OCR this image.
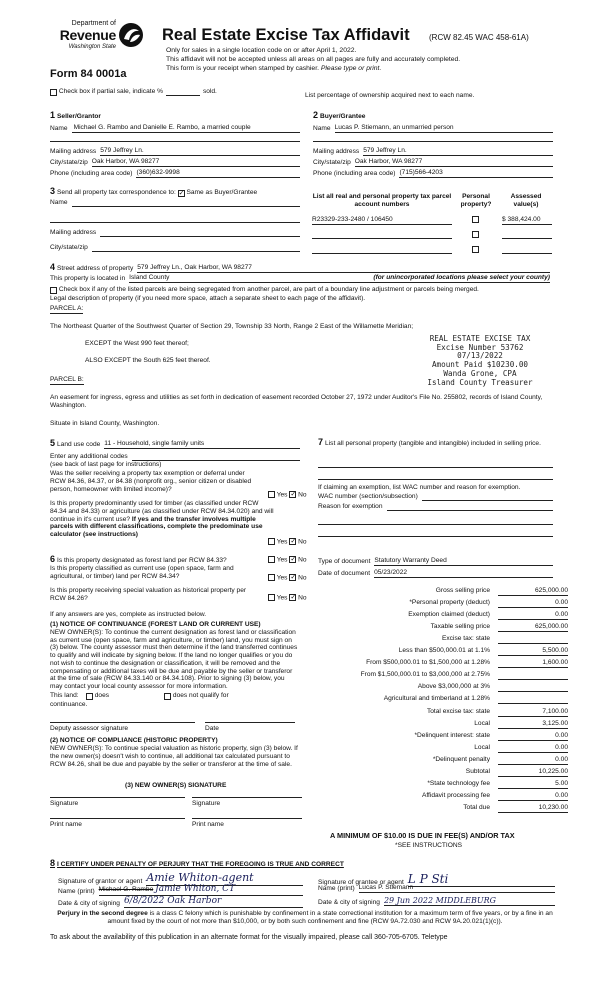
Department of
Revenue
Washington State
Form 84 0001a
Real Estate Excise Tax Affidavit (RCW 82.45 WAC 458-61A)
Only for sales in a single location code on or after April 1, 2022.
This affidavit will not be accepted unless all areas on all pages are fully and accurately completed.
This form is your receipt when stamped by cashier. Please type or print.

Check box if partial sale, indicate %	sold.
List percentage of ownership acquired next to each name.
1 Seller/Grantor
Name Michael G. Rambo and Danielle E. Rambo, a married couple
Mailing address 579 Jeffrey Ln.
City/state/zip Oak Harbor, WA 98277
Phone (including area code) (360)632-9998
2 Buyer/Grantee
Name Lucas P. Stiemann, an unmarried person
Mailing address 579 Jeffrey Ln.
City/state/zip Oak Harbor, WA 98277
Phone (including area code) (715)566-4203
3 Send all property tax correspondence to:
✓
Same as Buyer/Grantee
Name
Mailing address
City/state/zip
List all real and personal property tax parcel account numbers
Personal property?
Assessed value(s)
R23329-233-2480 / 106450	$ 388,424.00
4 Street address of property 579 Jeffrey Ln., Oak Harbor, WA 98277
This property is located in Island County	(for unincorporated locations please select your county)

Check box if any of the listed parcels are being segregated from another parcel, are part of a boundary line adjustment or parcels being merged.
Legal description of property (if you need more space, attach a separate sheet to each page of the affidavit).
PARCEL A:
The Northeast Quarter of the Southwest Quarter of Section 29, Township 33 North, Range 2 East of the Willamette Meridian;
EXCEPT the West 990 feet thereof;
ALSO EXCEPT the South 625 feet thereof.
PARCEL B:
An easement for ingress, egress and utilities as set forth in dedication of easement recorded October 27, 1972 under Auditor's File No. 255802, records of Island County, Washington.
Situate in Island County, Washington.
REAL ESTATE EXCISE TAX
Excise Number 53762
07/13/2022
Amount Paid $10230.00
Wanda Grone, CPA
Island County Treasurer
5 Land use code 11 - Household, single family units
Enter any additional codes
(see back of last page for instructions)
Was the seller receiving a property tax exemption or deferral under RCW 84.36, 84.37, or 84.38 (nonprofit org., senior citizen or disabled person, homeowner with limited income)?
Yes ✓ No
Is this property predominantly used for timber (as classified under RCW 84.34 and 84.33) or agriculture (as classified under RCW 84.34.020) and will continue in it's current use? If yes and the transfer involves multiple parcels with different classifications, complete the predominate use calculator (see instructions)
Yes ✓ No
6 Is this property designated as forest land per RCW 84.33?	Yes ✓ No
Is this property classified as current use (open space, farm and agricultural, or timber) land per RCW 84.34?	Yes ✓ No
Is this property receiving special valuation as historical property per RCW 84.26?	Yes ✓ No
If any answers are yes, complete as instructed below.
(1) NOTICE OF CONTINUANCE (FOREST LAND OR CURRENT USE)
NEW OWNER(S): To continue the current designation as forest land or classification as current use (open space, farm and agriculture, or timber) land, you must sign on (3) below. The county assessor must then determine if the land transferred continues to qualify and will indicate by signing below. If the land no longer qualifies or you do not wish to continue the designation or classification, it will be removed and the compensating or additional taxes will be due and payable by the seller or transferor at the time of sale (RCW 84.33.140 or 84.34.108). Prior to signing (3) below, you may contact your local county assessor for more information.
This land:

does
	does not qualify for
continuance.
Deputy assessor signature	Date
(2) NOTICE OF COMPLIANCE (HISTORIC PROPERTY)
NEW OWNER(S): To continue special valuation as historic property, sign (3) below. If the new owner(s) doesn't wish to continue, all additional tax calculated pursuant to RCW 84.26, shall be due and payable by the seller or transferor at the time of sale.
(3) NEW OWNER(S) SIGNATURE
Signature	Signature
Print name	Print name
7 List all personal property (tangible and intangible) included in selling price.
If claiming an exemption, list WAC number and reason for exemption.
WAC number (section/subsection)
Reason for exemption
Type of document Statutory Warranty Deed
Date of document 05/23/2022
Gross selling price	625,000.00
*Personal property (deduct)	0.00
Exemption claimed (deduct)	0.00
Taxable selling price	625,000.00
Excise tax: state
Less than $500,000.01 at 1.1%	5,500.00
From $500,000.01 to $1,500,000 at 1.28%	1,600.00
From $1,500,000.01 to $3,000,000 at 2.75%
Above $3,000,000 at 3%
Agricultural and timberland at 1.28%
Total excise tax: state	7,100.00
Local	3,125.00
*Delinquent interest: state	0.00
Local	0.00
*Delinquent penalty	0.00
Subtotal	10,225.00
*State technology fee	5.00
Affidavit processing fee	0.00
Total due	10,230.00
A MINIMUM OF $10.00 IS DUE IN FEE(S) AND/OR TAX
*SEE INSTRUCTIONS
8 I CERTIFY UNDER PENALTY OF PERJURY THAT THE FOREGOING IS TRUE AND CORRECT
Signature of grantor or agent Amie Whiton-agent
Name (print) Michael G. Rambo Jamie Whiton, CT
Date & city of signing 6/8/2022 Oak Harbor
Signature of grantee or agent L P Sti
Name (print) Lucas P. Stiemann
Date & city of signing 29 Jun 2022 MIDDLEBURG
Perjury in the second degree is a class C felony which is punishable by confinement in a state correctional institution for a maximum term of five years, or by a fine in an amount fixed by the court of not more than $10,000, or by both such confinement and fine (RCW 9A.72.030 and RCW 9A.20.021(1)(c)).
To ask about the availability of this publication in an alternate format for the visually impaired, please call 360-705-6705. Teletype
